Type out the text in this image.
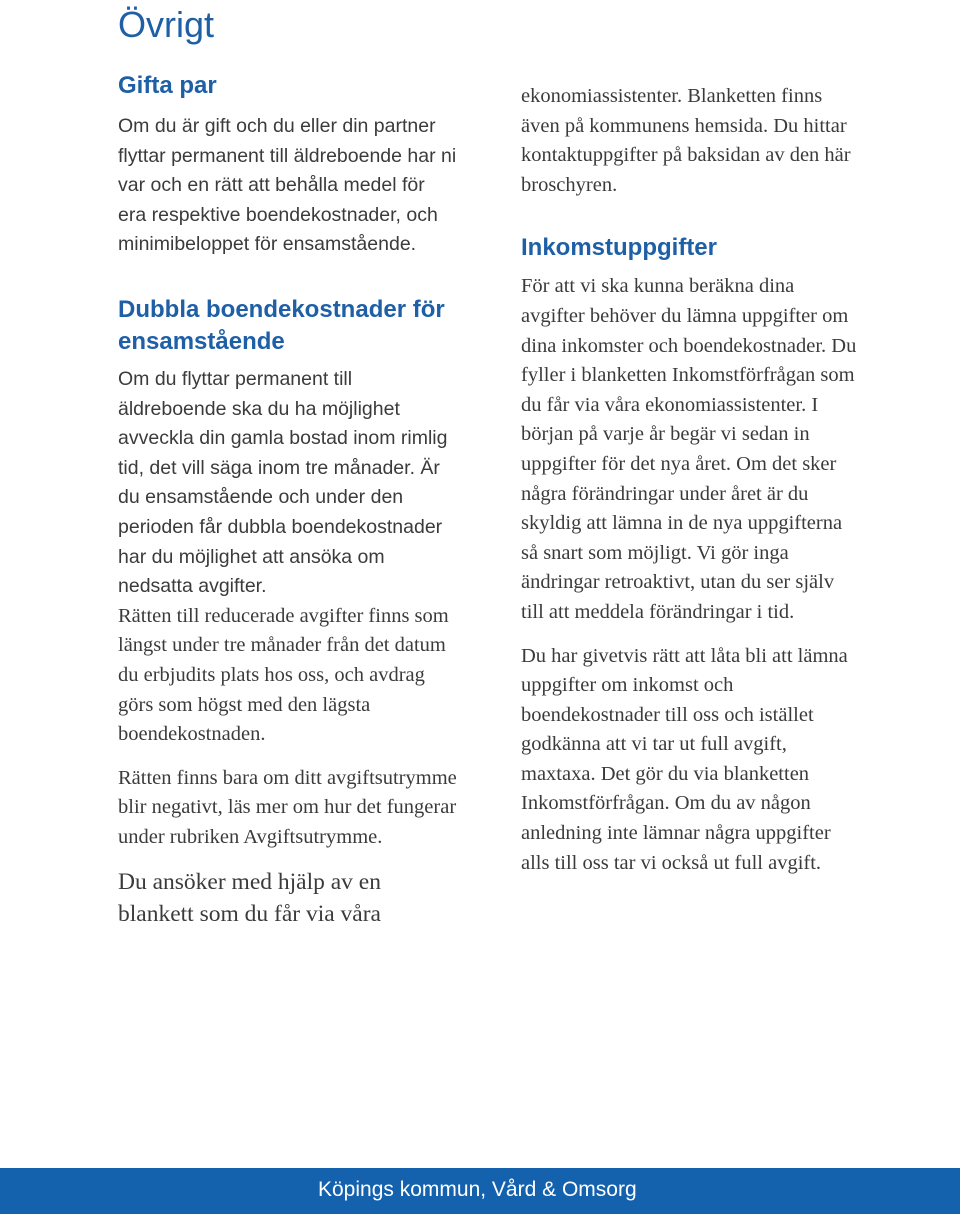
Övrigt
Gifta par

Om du är gift och du eller din partner flyttar permanent till äldreboende har ni var och en rätt att behålla medel för era respektive boendekostnader, och minimibeloppet för ensamstående.

Dubbla boendekostnader för ensamstående

Om du flyttar permanent till äldreboende ska du ha möjlighet avveckla din gamla bostad inom rimlig tid, det vill säga inom tre månader. Är du ensamstående och under den perioden får dubbla boendekostnader har du möjlighet att ansöka om nedsatta avgifter.

Rätten till reducerade avgifter finns som längst under tre månader från det datum du erbjudits plats hos oss, och avdrag görs som högst med den lägsta boendekostnaden.

Rätten finns bara om ditt avgiftsutrymme blir negativt, läs mer om hur det fungerar under rubriken Avgiftsutrymme.

Du ansöker med hjälp av en blankett som du får via våra

ekonomiassistenter. Blanketten finns även på kommunens hemsida. Du hittar kontaktuppgifter på baksidan av den här broschyren.

Inkomstuppgifter

För att vi ska kunna beräkna dina avgifter behöver du lämna uppgifter om dina inkomster och boendekostnader. Du fyller i blanketten Inkomstförfrågan som du får via våra ekonomiassistenter. I början på varje år begär vi sedan in uppgifter för det nya året. Om det sker några förändringar under året är du skyldig att lämna in de nya uppgifterna så snart som möjligt. Vi gör inga ändringar retroaktivt, utan du ser själv till att meddela förändringar i tid.

Du har givetvis rätt att låta bli att lämna uppgifter om inkomst och boendekostnader till oss och istället godkänna att vi tar ut full avgift, maxtaxa. Det gör du via blanketten Inkomstförfrågan. Om du av någon anledning inte lämnar några uppgifter alls till oss tar vi också ut full avgift.

Köpings kommun, Vård & Omsorg
